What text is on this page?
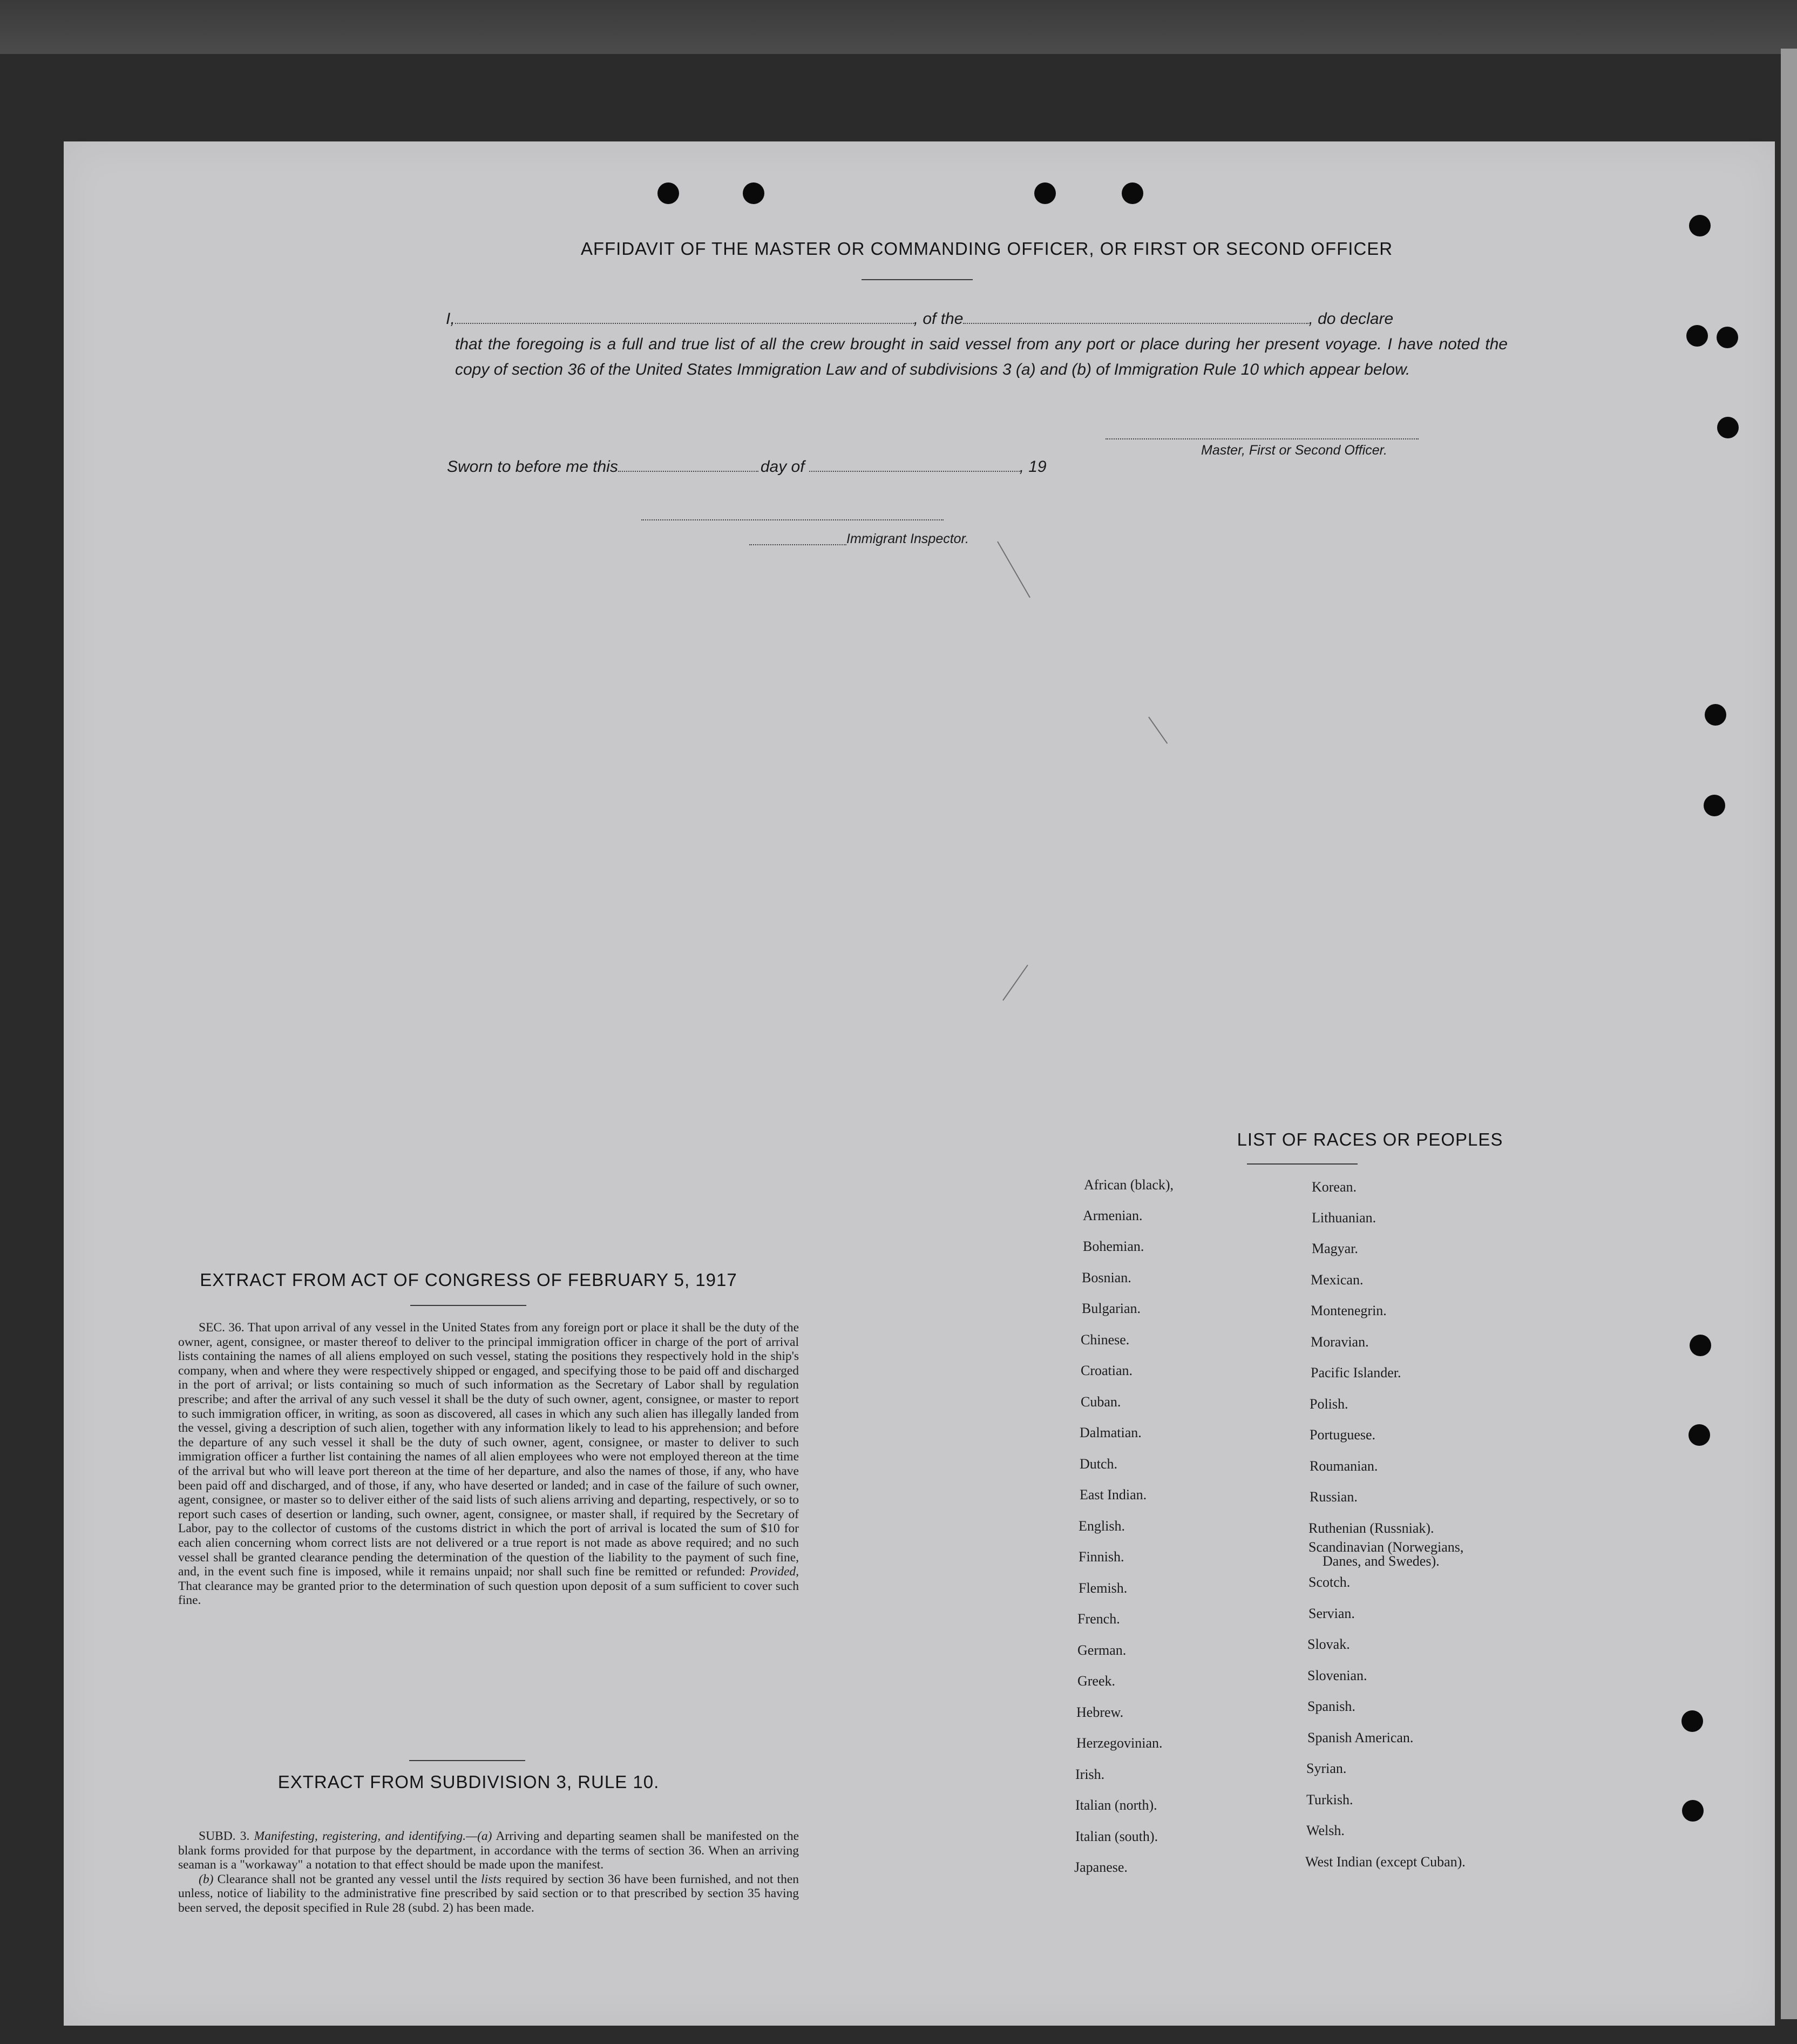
AFFIDAVIT OF THE MASTER OR COMMANDING OFFICER, OR FIRST OR SECOND OFFICER
I,	, of the	, do declare
that the foregoing is a full and true list of all the crew brought in said vessel from any port or place during her present voyage. I have noted the copy of section 36 of the United States Immigration Law and of subdivisions 3 (a) and (b) of Immigration Rule 10 which appear below.
Master, First or Second Officer.
Sworn to before me this	day of	, 19
Immigrant Inspector.
EXTRACT FROM ACT OF CONGRESS OF FEBRUARY 5, 1917

SEC. 36. That upon arrival of any vessel in the United States from any foreign port or place it shall be the duty of the owner, agent, consignee, or master thereof to deliver to the principal immigration officer in charge of the port of arrival lists containing the names of all aliens employed on such vessel, stating the positions they respectively hold in the ship's company, when and where they were respectively shipped or engaged, and specifying those to be paid off and discharged in the port of arrival; or lists containing so much of such information as the Secretary of Labor shall by regulation prescribe; and after the arrival of any such vessel it shall be the duty of such owner, agent, consignee, or master to report to such immigration officer, in writing, as soon as discovered, all cases in which any such alien has illegally landed from the vessel, giving a description of such alien, together with any information likely to lead to his apprehension; and before the departure of any such vessel it shall be the duty of such owner, agent, consignee, or master to deliver to such immigration officer a further list containing the names of all alien employees who were not employed thereon at the time of the arrival but who will leave port thereon at the time of her departure, and also the names of those, if any, who have been paid off and discharged, and of those, if any, who have deserted or landed; and in case of the failure of such owner, agent, consignee, or master so to deliver either of the said lists of such aliens arriving and departing, respectively, or so to report such cases of desertion or landing, such owner, agent, consignee, or master shall, if required by the Secretary of Labor, pay to the collector of customs of the customs district in which the port of arrival is located the sum of $10 for each alien concerning whom correct lists are not delivered or a true report is not made as above required; and no such vessel shall be granted clearance pending the determination of the question of the liability to the payment of such fine, and, in the event such fine is imposed, while it remains unpaid; nor shall such fine be remitted or refunded: Provided, That clearance may be granted prior to the determination of such question upon deposit of a sum sufficient to cover such fine.

EXTRACT FROM SUBDIVISION 3, RULE 10.

SUBD. 3. Manifesting, registering, and identifying.—(a) Arriving and departing seamen shall be manifested on the blank forms provided for that purpose by the department, in accordance with the terms of section 36. When an arriving seaman is a "workaway" a notation to that effect should be made upon the manifest.

(b) Clearance shall not be granted any vessel until the lists required by section 36 have been furnished, and not then unless, notice of liability to the administrative fine prescribed by said section or to that prescribed by section 35 having been served, the deposit specified in Rule 28 (subd. 2) has been made.

LIST OF RACES OR PEOPLES
African (black),
Armenian.
Bohemian.
Bosnian.
Bulgarian.
Chinese.
Croatian.
Cuban.
Dalmatian.
Dutch.
East Indian.
English.
Finnish.
Flemish.
French.
German.
Greek.
Hebrew.
Herzegovinian.
Irish.
Italian (north).
Italian (south).
Japanese.
Korean.
Lithuanian.
Magyar.
Mexican.
Montenegrin.
Moravian.
Pacific Islander.
Polish.
Portuguese.
Roumanian.
Russian.
Ruthenian (Russniak).
Scandinavian (Norwegians,
Danes, and Swedes).
Scotch.
Servian.
Slovak.
Slovenian.
Spanish.
Spanish American.
Syrian.
Turkish.
Welsh.
West Indian (except Cuban).
